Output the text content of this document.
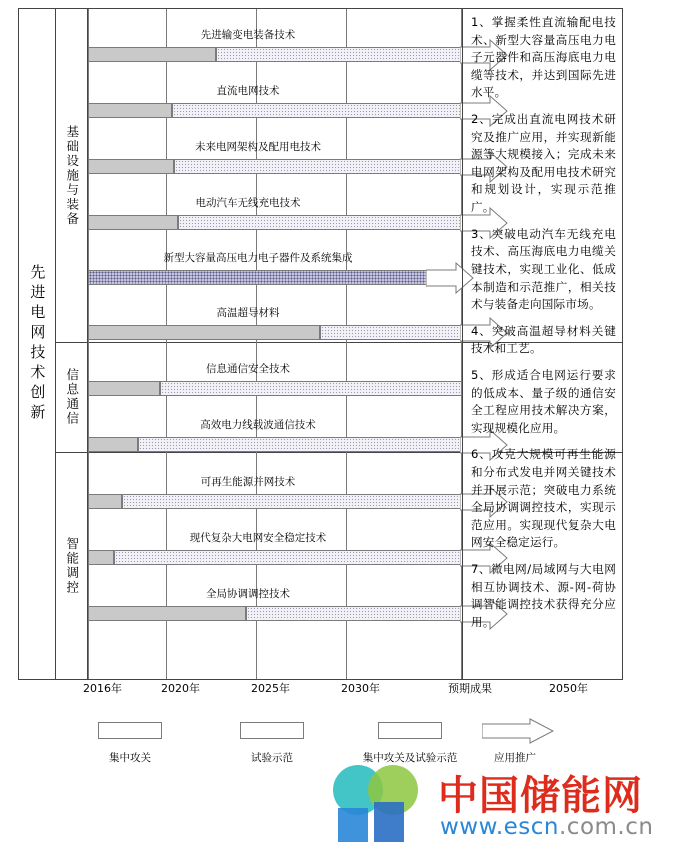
先进电网技术创新
基础设施与装备
信息通信
智能调控
先进输变电装备技术
直流电网技术
未来电网架构及配用电技术
电动汽车无线充电技术
新型大容量高压电力电子器件及系统集成
高温超导材料
信息通信安全技术
高效电力线载波通信技术
可再生能源并网技术
现代复杂大电网安全稳定技术
全局协调调控技术
1、掌握柔性直流输配电技术、新型大容量高压电力电子元器件和高压海底电力电缆等技术，并达到国际先进水平。
2、完成出直流电网技术研究及推广应用，并实现新能源等大规模接入；完成未来电网架构及配用电技术研究和规划设计，实现示范推广。
3、突破电动汽车无线充电技术、高压海底电力电缆关键技术，实现工业化、低成本制造和示范推广，相关技术与装备走向国际市场。
4、突破高温超导材料关键技术和工艺。
5、形成适合电网运行要求的低成本、量子级的通信安全工程应用技术解决方案，实现规模化应用。
6、攻克大规模可再生能源和分布式发电并网关键技术并开展示范；突破电力系统全局协调调控技术，实现示范应用。实现现代复杂大电网安全稳定运行。
7、微电网/局域网与大电网相互协调技术、源-网-荷协调智能调控技术获得充分应用。
2016年	2020年	2025年	2030年	预期成果	2050年
集中攻关	试验示范	集中攻关及试验示范	应用推广
中国储能网
www.escn.com.cn
